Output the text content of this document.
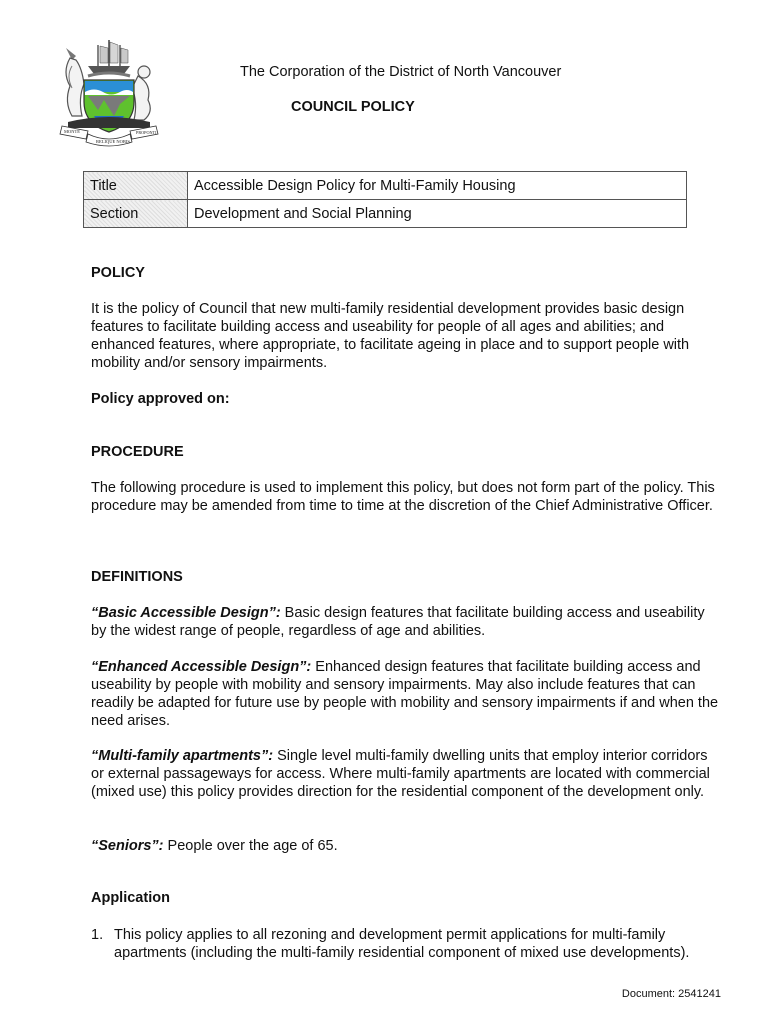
MONTE	PROPONTI
RELIQUE NOBIS
The Corporation of the District of North Vancouver
COUNCIL POLICY
Title	Accessible Design Policy for Multi-Family Housing
Section	Development and Social Planning
POLICY

It is the policy of Council that new multi-family residential development provides basic design features to facilitate building access and useability for people of all ages and abilities; and enhanced features, where appropriate, to facilitate ageing in place and to support people with mobility and/or sensory impairments.

Policy approved on:
PROCEDURE

The following procedure is used to implement this policy, but does not form part of the policy. This procedure may be amended from time to time at the discretion of the Chief Administrative Officer.

DEFINITIONS

“Basic Accessible Design”: Basic design features that facilitate building access and useability by the widest range of people, regardless of age and abilities.

“Enhanced Accessible Design”: Enhanced design features that facilitate building access and useability by people with mobility and sensory impairments. May also include features that can readily be adapted for future use by people with mobility and sensory impairments if and when the need arises.

“Multi-family apartments”: Single level multi-family dwelling units that employ interior corridors or external passageways for access. Where multi-family apartments are located with commercial (mixed use) this policy provides direction for the residential component of the development only.

“Seniors”: People over the age of 65.

Application
1. This policy applies to all rezoning and development permit applications for multi-family apartments (including the multi-family residential component of mixed use developments).
Document: 2541241
